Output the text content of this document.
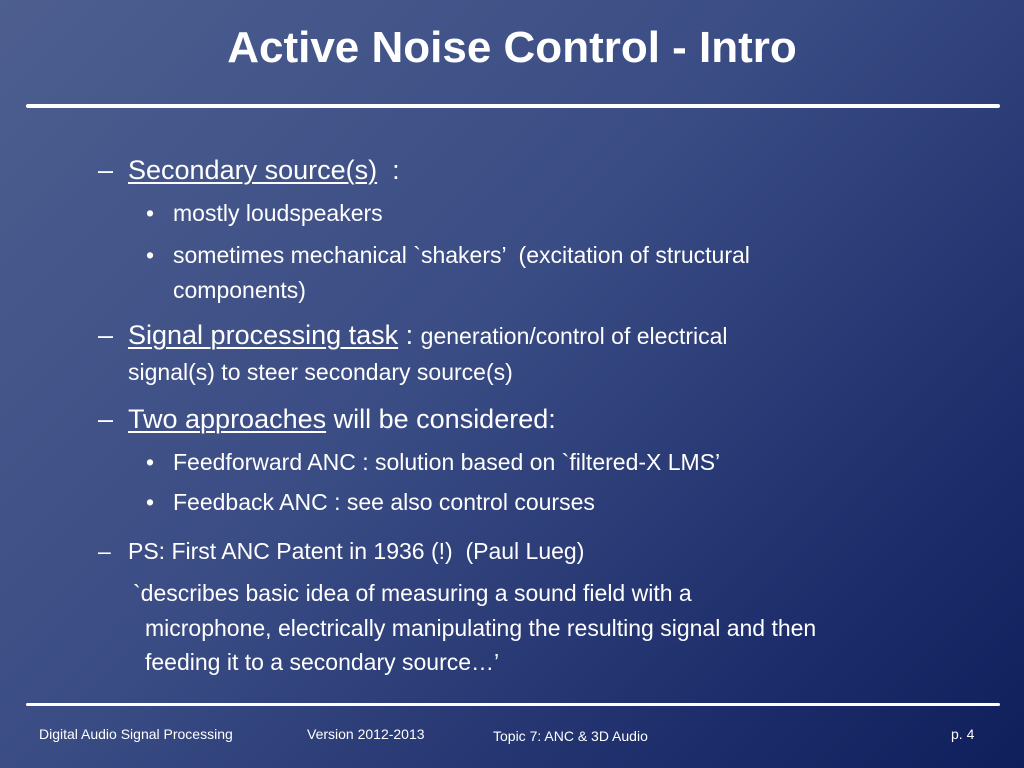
Active Noise Control - Intro
– Secondary source(s)  :
• mostly loudspeakers
• sometimes mechanical `shakers’  (excitation of structural
components)
– Signal processing task : generation/control of electrical
signal(s) to steer secondary source(s)
– Two approaches will be considered:
• Feedforward ANC : solution based on `filtered-X LMS’
• Feedback ANC : see also control courses
– PS: First ANC Patent in 1936 (!)  (Paul Lueg)
`describes basic idea of measuring a sound field with a
microphone, electrically manipulating the resulting signal and then
feeding it to a secondary source…’
Digital Audio Signal Processing	Version 2012-2013	Topic 7: ANC & 3D Audio	p. 4
